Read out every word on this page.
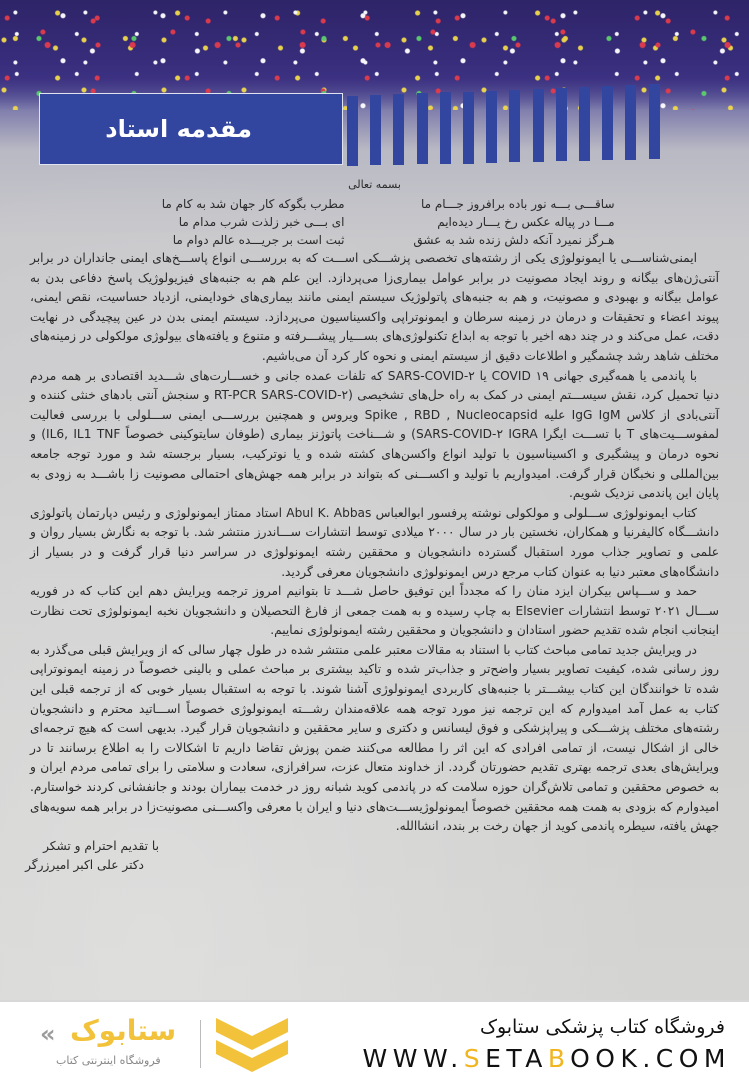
مقدمه استاد
بسمه تعالی
ساقـــی بـــه نور باده برافروز جـــام ما
مـــا در پیاله عکس رخ یـــار دیده‌ایم
هـرگز نمیرد آنکه دلش زنده شد به عشق
مطرب بگوکه کار جهان شد به کام ما
ای بـــی خبر زلذت شرب مدام ما
ثبت است بر جریـــده عالم دوام ما

ایمنی‌شناســـی یا ایمونولوژی یکی از رشته‌های تخصصی پزشـــکی اســـت که به بررســـی انواع پاســـخ‌های ایمنی جانداران در برابر آنتی‌ژن‌های بیگانه و روند ایجاد مصونیت در برابر عوامل بیماری‌زا می‌پردازد. این علم هم به جنبه‌های فیزیولوژیک پاسخ دفاعی بدن به عوامل بیگانه و بهبودی و مصونیت، و هم به جنبه‌های پاتولوژیک سیستم ایمنی مانند بیماری‌های خودایمنی، ازدیاد حساسیت، نقص ایمنی، پیوند اعضاء و تحقیقات و درمان در زمینه سرطان و ایمونوتراپی واکسیناسیون می‌پردازد. سیستم ایمنی بدن در عین پیچیدگی در نهایت دقت، عمل می‌کند و در چند دهه اخیر با توجه به ابداع تکنولوژی‌های بســـیار پیشـــرفته و متنوع و یافته‌های بیولوژی مولکولی در زمینه‌های مختلف شاهد رشد چشمگیر و اطلاعات دقیق از سیستم ایمنی و نحوه کار کرد آن می‌باشیم.

با پاندمی یا همه‌گیری جهانی COVID ۱۹ یا SARS-COVID-۲ که تلفات عمده جانی و خســـارت‌های شـــدید اقتصادی بر همه مردم دنیا تحمیل کرد، نقش سیســـتم ایمنی در کمک به راه حل‌های تشخیصی (RT-PCR SARS-COVID-۲ و سنجش آنتی بادهای خنثی کننده و آنتی‌بادی از کلاس IgG IgM علیه Spike , RBD , Nucleocapsid ویروس و همچنین بررســـی ایمنی ســـلولی با بررسی فعالیت لمفوســـیت‌های T با تســـت ایگرا SARS-COVID-۲ IGRA) و شـــناخت پاتوژنز بیماری (طوفان سایتوکینی خصوصاً IL6, IL1 TNF) و نحوه درمان و پیشگیری و اکسیناسیون با تولید انواع واکسن‌های کشته شده و یا نوترکیب، بسیار برجسته شد و مورد توجه جامعه بین‌المللی و نخبگان قرار گرفت. امیدواریم با تولید و اکســـنی که بتواند در برابر همه جهش‌های احتمالی مصونیت زا باشـــد به زودی به پایان این پاندمی نزدیک شویم.

کتاب ایمونولوژی ســـلولی و مولکولی نوشته پرفسور ابوالعباس Abul K. Abbas استاد ممتاز ایمونولوژی و رئیس دپارتمان پاتولوژی دانشـــگاه کالیفرنیا و همکاران، نخستین بار در سال ۲۰۰۰ میلادی توسط انتشارات ســـاندرز منتشر شد. با توجه به نگارش بسیار روان و علمی و تصاویر جذاب مورد استقبال گسترده دانشجویان و محققین رشته ایمونولوژی در سراسر دنیا قرار گرفت و در بسیار از دانشگاه‌های معتبر دنیا به عنوان کتاب مرجع درس ایمونولوژی دانشجویان معرفی گردید.

حمد و ســـپاس بیکران ایزد منان را که مجدداً این توفیق حاصل شـــد تا بتوانیم امروز ترجمه ویرایش دهم این کتاب که در فوریه ســـال ۲۰۲۱ توسط انتشارات Elsevier به چاپ رسیده و به همت جمعی از فارغ التحصیلان و دانشجویان نخبه ایمونولوژی تحت نظارت اینجانب انجام شده تقدیم حضور استادان و دانشجویان و محققین رشته ایمونولوژی نماییم.

در ویرایش جدید تمامی مباحث کتاب با استناد به مقالات معتبر علمی منتشر شده در طول چهار سالی که از ویرایش قبلی می‌گذرد به روز رسانی شده، کیفیت تصاویر بسیار واضح‌تر و جذاب‌تر شده و تاکید بیشتری بر مباحث عملی و بالینی خصوصاً در زمینه ایمونوتراپی شده تا خوانندگان این کتاب بیشـــتر با جنبه‌های کاربردی ایمونولوژی آشنا شوند. با توجه به استقبال بسیار خوبی که از ترجمه قبلی این کتاب به عمل آمد امیدوارم که این ترجمه نیز مورد توجه همه علاقه‌مندان رشـــته ایمونولوژی خصوصاً اســـاتید محترم و دانشجویان رشته‌های مختلف پزشـــکی و پیراپزشکی و فوق لیسانس و دکتری و سایر محققین و دانشجویان قرار گیرد. بدیهی است که هیچ ترجمه‌ای خالی از اشکال نیست، از تمامی افرادی که این اثر را مطالعه می‌کنند ضمن پوزش تقاضا داریم تا اشکالات را به اطلاع برسانند تا در ویرایش‌های بعدی ترجمه بهتری تقدیم حضورتان گردد. از خداوند متعال عزت، سرافرازی، سعادت و سلامتی را برای تمامی مردم ایران و به خصوص محققین و تمامی تلاش‌گران حوزه سلامت که در پاندمی کوید شبانه روز در خدمت بیماران بودند و جانفشانی کردند خواستارم. امیدوارم که بزودی به همت همه محققین خصوصاً ایمونولوژیســـت‌های دنیا و ایران با معرفی واکســـنی مصونیت‌زا در برابر همه سویه‌های جهش یافته، سیطره پاندمی کوید از جهان رخت بر بندد، انشاالله.

با تقدیم احترام و تشکر
دکتر علی اکبر امیرزرگر
« ستابوک
فروشگاه اینترنتی کتاب
فروشگاه کتاب پزشکی ستابوک
WWW.SETABOOK.COM
